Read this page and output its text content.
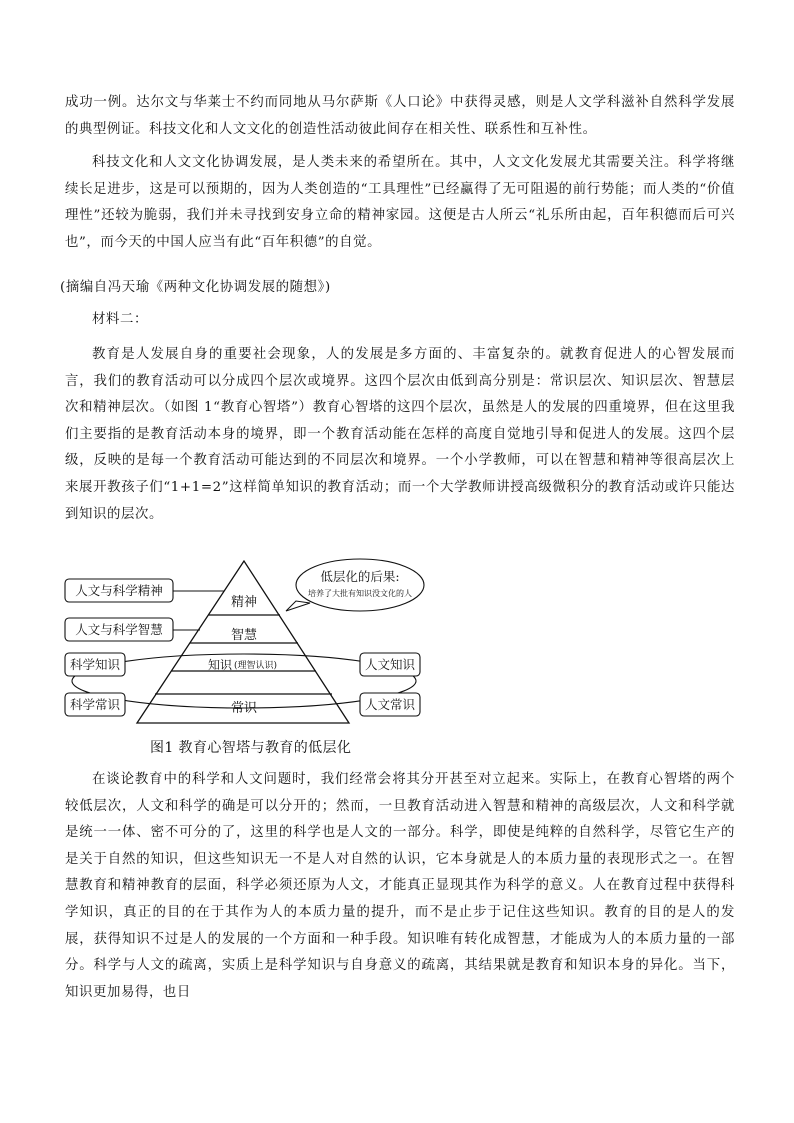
成功一例。达尔文与华莱士不约而同地从马尔萨斯《人口论》中获得灵感，则是人文学科滋补自然科学发展的典型例证。科技文化和人文文化的创造性活动彼此间存在相关性、联系性和互补性。

科技文化和人文文化协调发展，是人类未来的希望所在。其中，人文文化发展尤其需要关注。科学将继续长足进步，这是可以预期的，因为人类创造的“工具理性”已经赢得了无可阻遏的前行势能；而人类的“价值理性”还较为脆弱，我们并未寻找到安身立命的精神家园。这便是古人所云“礼乐所由起，百年积德而后可兴也”，而今天的中国人应当有此“百年积德”的自觉。

(摘编自冯天瑜《两种文化协调发展的随想》)

材料二：

教育是人发展自身的重要社会现象，人的发展是多方面的、丰富复杂的。就教育促进人的心智发展而言，我们的教育活动可以分成四个层次或境界。这四个层次由低到高分别是：常识层次、知识层次、智慧层次和精神层次。（如图 1“教育心智塔”）教育心智塔的这四个层次，虽然是人的发展的四重境界，但在这里我们主要指的是教育活动本身的境界，即一个教育活动能在怎样的高度自觉地引导和促进人的发展。这四个层级，反映的是每一个教育活动可能达到的不同层次和境界。一个小学教师，可以在智慧和精神等很高层次上来展开教孩子们“1+1=2”这样简单知识的教育活动；而一个大学教师讲授高级微积分的教育活动或许只能达到知识的层次。

精神
智慧
知识 (理智认识)
常识
人文与科学精神
人文与科学智慧
科学知识
科学常识
人文知识
人文常识
低层化的后果:
培养了大批有知识没文化的人

图1 教育心智塔与教育的低层化

在谈论教育中的科学和人文问题时，我们经常会将其分开甚至对立起来。实际上，在教育心智塔的两个较低层次，人文和科学的确是可以分开的；然而，一旦教育活动进入智慧和精神的高级层次，人文和科学就是统一一体、密不可分的了，这里的科学也是人文的一部分。科学，即使是纯粹的自然科学，尽管它生产的是关于自然的知识，但这些知识无一不是人对自然的认识，它本身就是人的本质力量的表现形式之一。在智慧教育和精神教育的层面，科学必须还原为人文，才能真正显现其作为科学的意义。人在教育过程中获得科学知识，真正的目的在于其作为人的本质力量的提升，而不是止步于记住这些知识。教育的目的是人的发展，获得知识不过是人的发展的一个方面和一种手段。知识唯有转化成智慧，才能成为人的本质力量的一部分。科学与人文的疏离，实质上是科学知识与自身意义的疏离，其结果就是教育和知识本身的异化。当下，知识更加易得，也日
